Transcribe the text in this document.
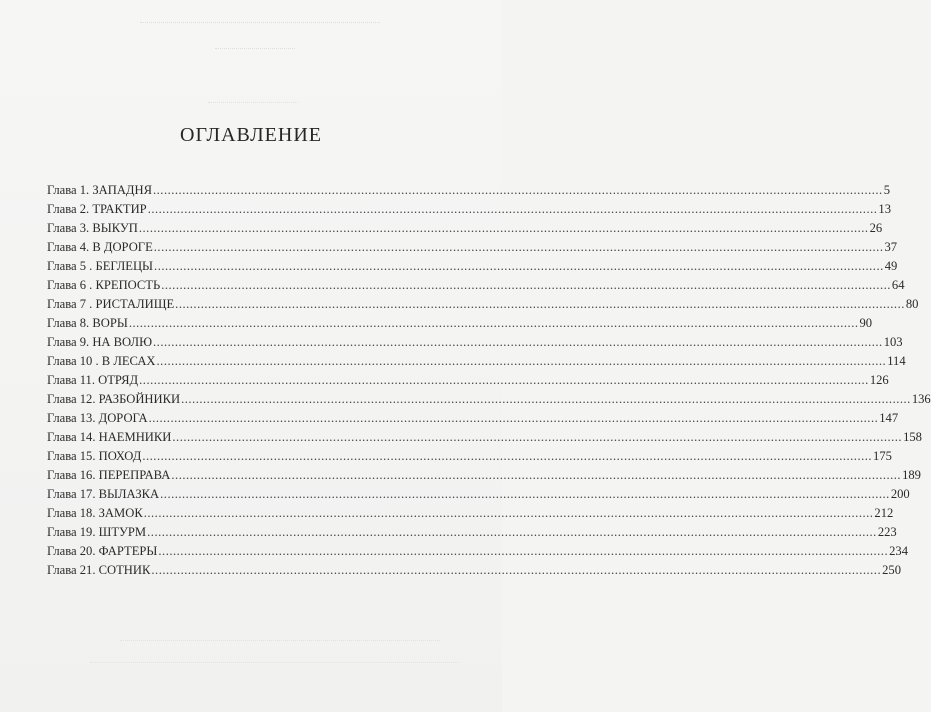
ОГЛАВЛЕНИЕ
Глава 1. ЗАПАДНЯ ........................................................................................................................................................................................................ 5
Глава 2. ТРАКТИР ........................................................................................................................................................................................................ 13
Глава 3. ВЫКУП ........................................................................................................................................................................................................ 26
Глава 4. В ДОРОГЕ ........................................................................................................................................................................................................ 37
Глава 5 . БЕГЛЕЦЫ ........................................................................................................................................................................................................ 49
Глава 6 . КРЕПОСТЬ ........................................................................................................................................................................................................ 64
Глава 7 . РИСТАЛИЩЕ ........................................................................................................................................................................................................ 80
Глава 8. ВОРЫ ........................................................................................................................................................................................................ 90
Глава 9. НА ВОЛЮ ........................................................................................................................................................................................................ 103
Глава 10 . В ЛЕСАХ ........................................................................................................................................................................................................ 114
Глава 11. ОТРЯД ........................................................................................................................................................................................................ 126
Глава 12. РАЗБОЙНИКИ ........................................................................................................................................................................................................ 136
Глава 13. ДОРОГА ........................................................................................................................................................................................................ 147
Глава 14. НАЕМНИКИ ........................................................................................................................................................................................................ 158
Глава 15. ПОХОД ........................................................................................................................................................................................................ 175
Глава 16. ПЕРЕПРАВА ........................................................................................................................................................................................................ 189
Глава 17. ВЫЛАЗКА ........................................................................................................................................................................................................ 200
Глава 18. ЗАМОК ........................................................................................................................................................................................................ 212
Глава 19. ШТУРМ ........................................................................................................................................................................................................ 223
Глава 20. ФАРТЕРЫ ........................................................................................................................................................................................................ 234
Глава 21. СОТНИК ........................................................................................................................................................................................................ 250
